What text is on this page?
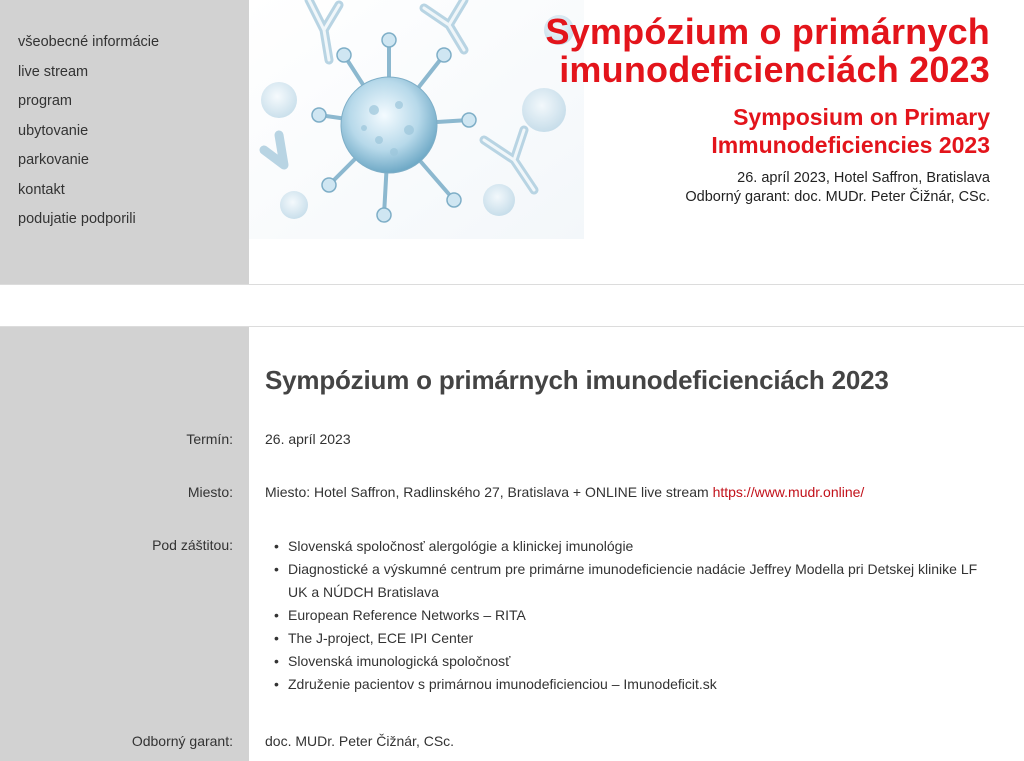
všeobecné informácie
live stream
program
ubytovanie
parkovanie
kontakt
podujatie podporili
Sympózium o primárnych
imunodeficienciách 2023
Symposium on Primary
Immunodeficiencies 2023
26. apríl 2023, Hotel Saffron, Bratislava
Odborný garant: doc. MUDr. Peter Čižnár, CSc.
Sympózium o primárnych imunodeficienciách 2023
Termín: 26. apríl 2023
Miesto: Miesto: Hotel Saffron, Radlinského 27, Bratislava + ONLINE live stream https://www.mudr.online/
Pod záštitou:
•	Slovenská spoločnosť alergológie a klinickej imunológie
• Diagnostické a výskumné centrum pre primárne imunodeficiencie nadácie Jeffrey Modella pri Detskej klinike LF UK a NÚDCH Bratislava
• European Reference Networks – RITA
• The J-project, ECE IPI Center
• Slovenská imunologická spoločnosť
• Združenie pacientov s primárnou imunodeficienciou – Imunodeficit.sk
Odborný garant: doc. MUDr. Peter Čižnár, CSc.
